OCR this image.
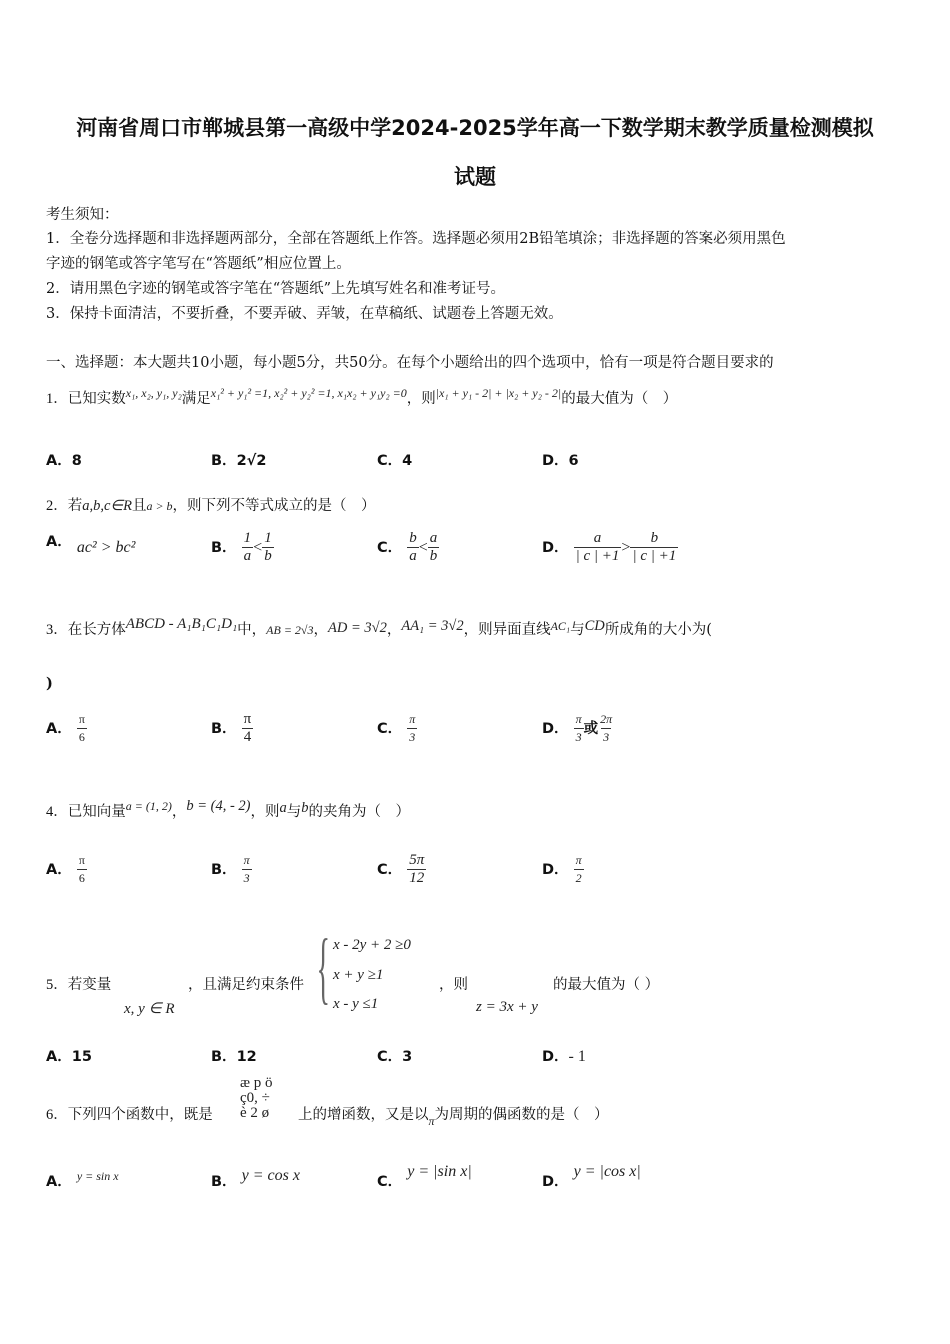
河南省周口市郸城县第一高级中学2024-2025学年高一下数学期末教学质量检测模拟
试题
考生须知：
1．全卷分选择题和非选择题两部分，全部在答题纸上作答。选择题必须用2B铅笔填涂；非选择题的答案必须用黑色
字迹的钢笔或答字笔写在“答题纸”相应位置上。
2．请用黑色字迹的钢笔或答字笔在“答题纸”上先填写姓名和准考证号。
3．保持卡面清洁，不要折叠，不要弄破、弄皱，在草稿纸、试题卷上答题无效。
一、选择题：本大题共10小题，每小题5分，共50分。在每个小题给出的四个选项中，恰有一项是符合题目要求的
1．已知实数$^{x_1, x_2, y_1, y_2}$满足$^{x_1^2 + y_1^2 =1, x_2^2 + y_2^2 =1, x_1x_2 + y_1y_2 =0}$，则$^{|x_1 + y_1 - 2| + |x_2 + y_2 - 2|}$的最大值为（　）
A．8	B．2√2	C．4	D．6
2．若a,b,c∈R且a > b，则下列不等式成立的是（　）
A． ac² > bc²	B． $\frac{1}{a} < \frac{1}{b}$	C． $\frac{b}{a} < \frac{a}{b}$	D． $\frac{a}{| c | +1} > \frac{b}{| c | +1}$
3．在长方体ABCD - A₁B₁C₁D₁中，AB = 2√3，AD = 3√2，AA₁ = 3√2，则异面直线$^{AC_1}$与CD所成角的大小为(
)
A． $\frac{\pi}{6}$	B． $\frac{\pi}{4}$	C． $\frac{\pi}{3}$	D． $\frac{\pi}{3}$ 或 $\frac{2\pi}{3}$
4．已知向量$^{a = (1, 2)}$，b = (4, - 2)，则a与b的夹角为（　）
A． $\frac{\pi}{6}$	B． $\frac{\pi}{3}$	C． $\frac{5\pi}{12}$	D． $\frac{\pi}{2}$
5．若变量
x, y ∈ R
，且满足约束条件 { x - 2y + 2 ≥0
x + y ≥1
x - y ≤1
，则
z = 3x + y
的最大值为（ ）
A．15	B．12	C．3	D．- 1
6．下列四个函数中，既是
æ p ö
ç0, ÷
è 2 ø 上的增函数，又是以$_\pi$为周期的偶函数的是（　）
A． $^{y = sin x}$	B． y = cos x	C． y = |sin x|
D． y = |cos x|
